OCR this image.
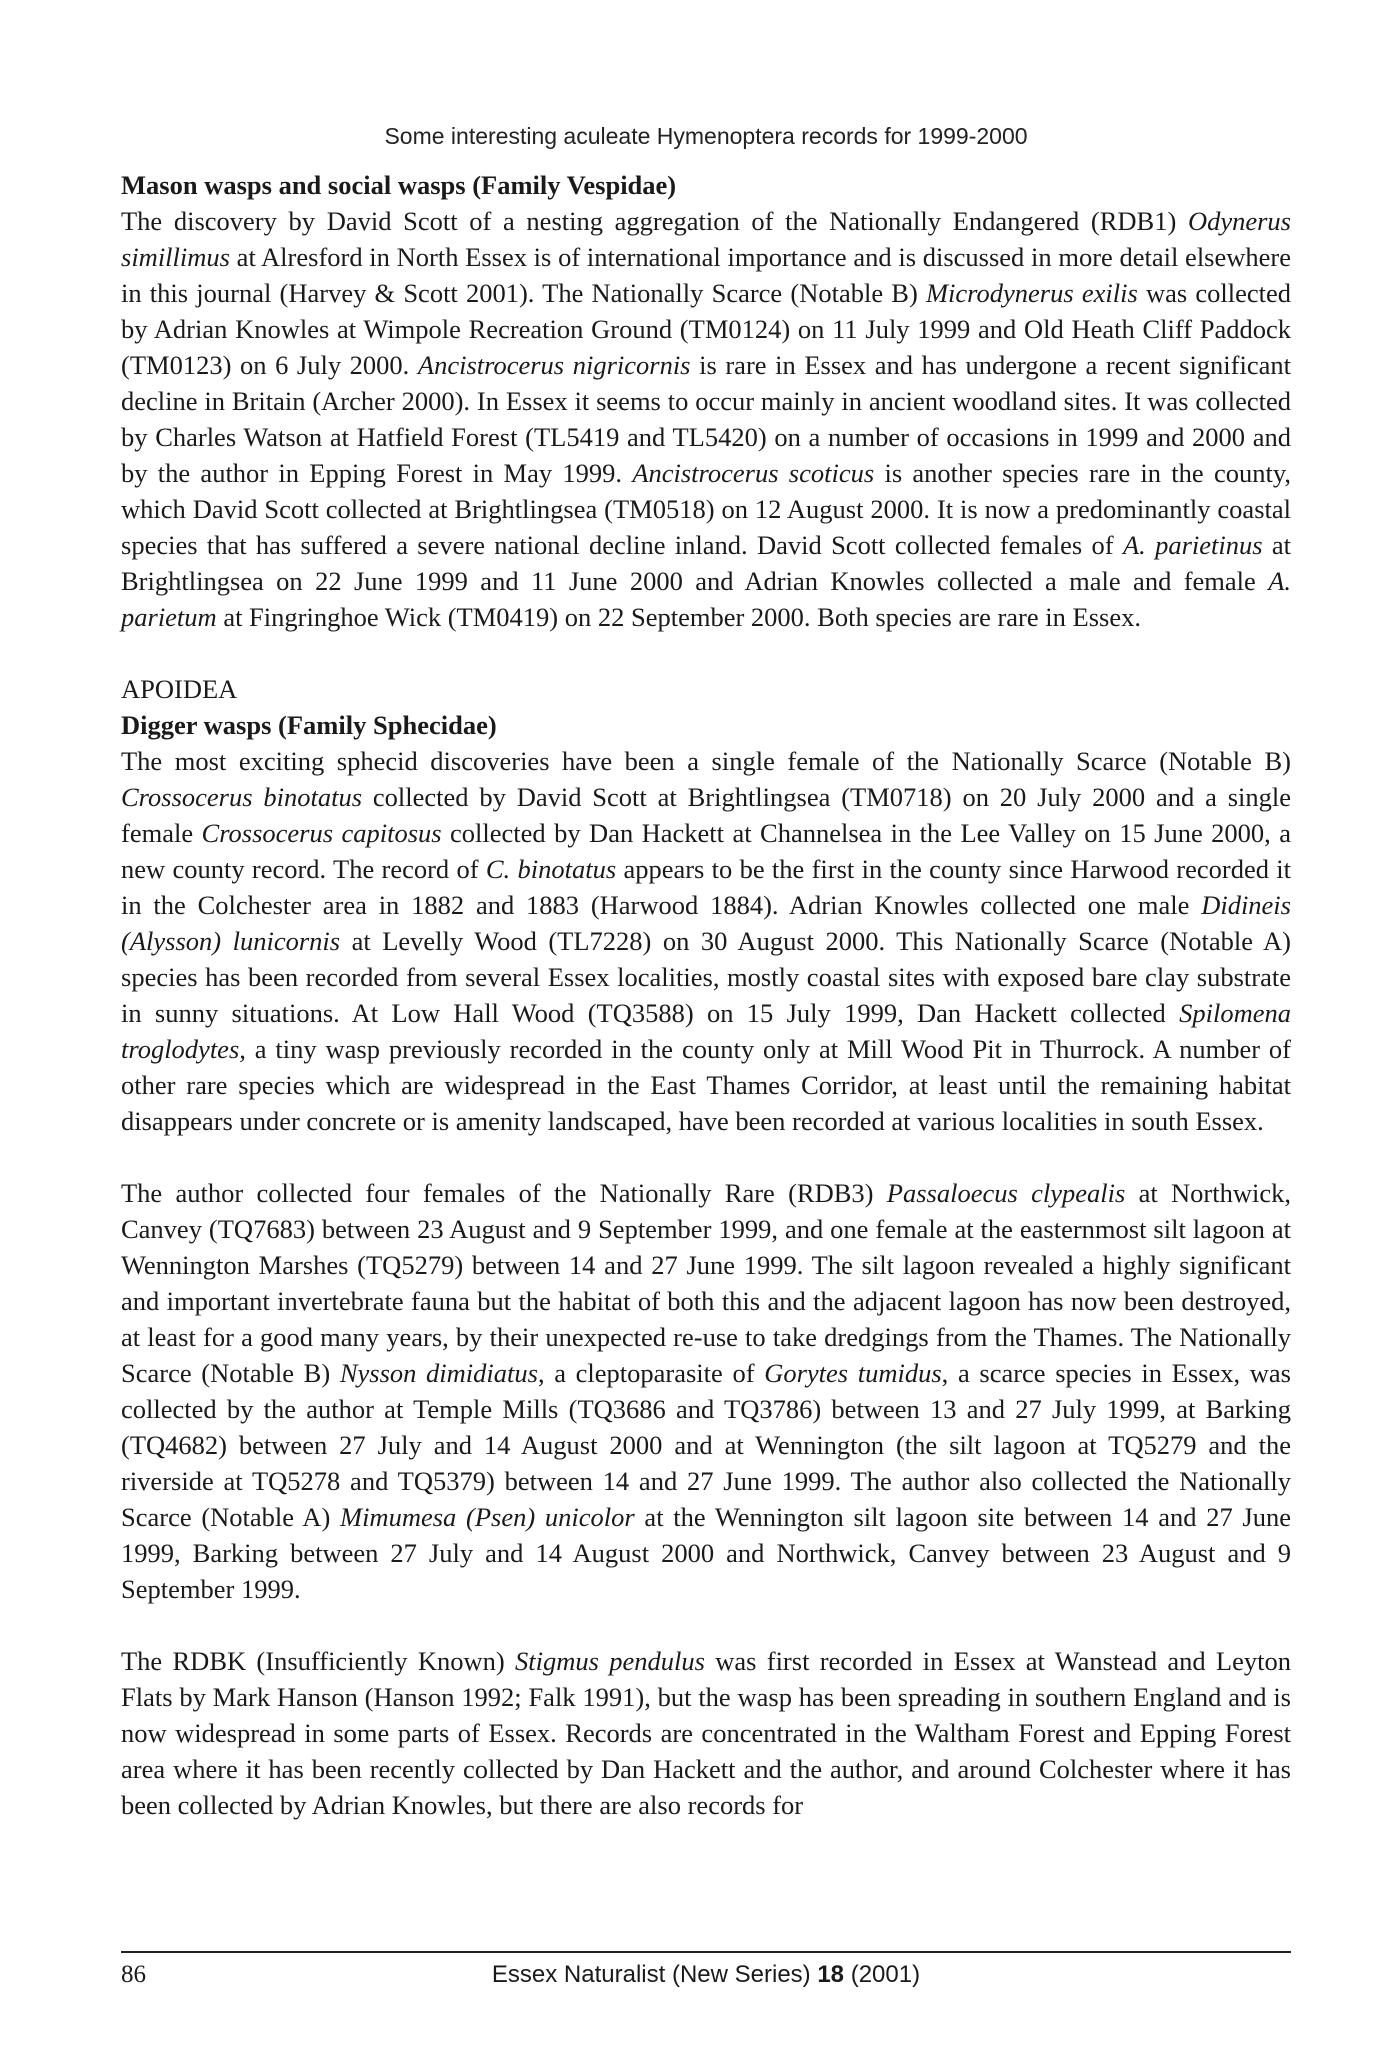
Some interesting aculeate Hymenoptera records for 1999-2000
Mason wasps and social wasps (Family Vespidae)

The discovery by David Scott of a nesting aggregation of the Nationally Endangered (RDB1) Odynerus simillimus at Alresford in North Essex is of international importance and is discussed in more detail elsewhere in this journal (Harvey & Scott 2001). The Nationally Scarce (Notable B) Microdynerus exilis was collected by Adrian Knowles at Wimpole Recreation Ground (TM0124) on 11 July 1999 and Old Heath Cliff Paddock (TM0123) on 6 July 2000. Ancistrocerus nigricornis is rare in Essex and has undergone a recent significant decline in Britain (Archer 2000). In Essex it seems to occur mainly in ancient woodland sites. It was collected by Charles Watson at Hatfield Forest (TL5419 and TL5420) on a number of occasions in 1999 and 2000 and by the author in Epping Forest in May 1999. Ancistrocerus scoticus is another species rare in the county, which David Scott collected at Brightlingsea (TM0518) on 12 August 2000. It is now a predominantly coastal species that has suffered a severe national decline inland. David Scott collected females of A. parietinus at Brightlingsea on 22 June 1999 and 11 June 2000 and Adrian Knowles collected a male and female A. parietum at Fingringhoe Wick (TM0419) on 22 September 2000. Both species are rare in Essex.

APOIDEA
Digger wasps (Family Sphecidae)

The most exciting sphecid discoveries have been a single female of the Nationally Scarce (Notable B) Crossocerus binotatus collected by David Scott at Brightlingsea (TM0718) on 20 July 2000 and a single female Crossocerus capitosus collected by Dan Hackett at Channelsea in the Lee Valley on 15 June 2000, a new county record. The record of C. binotatus appears to be the first in the county since Harwood recorded it in the Colchester area in 1882 and 1883 (Harwood 1884). Adrian Knowles collected one male Didineis (Alysson) lunicornis at Levelly Wood (TL7228) on 30 August 2000. This Nationally Scarce (Notable A) species has been recorded from several Essex localities, mostly coastal sites with exposed bare clay substrate in sunny situations. At Low Hall Wood (TQ3588) on 15 July 1999, Dan Hackett collected Spilomena troglodytes, a tiny wasp previously recorded in the county only at Mill Wood Pit in Thurrock. A number of other rare species which are widespread in the East Thames Corridor, at least until the remaining habitat disappears under concrete or is amenity landscaped, have been recorded at various localities in south Essex.

The author collected four females of the Nationally Rare (RDB3) Passaloecus clypealis at Northwick, Canvey (TQ7683) between 23 August and 9 September 1999, and one female at the easternmost silt lagoon at Wennington Marshes (TQ5279) between 14 and 27 June 1999. The silt lagoon revealed a highly significant and important invertebrate fauna but the habitat of both this and the adjacent lagoon has now been destroyed, at least for a good many years, by their unexpected re-use to take dredgings from the Thames. The Nationally Scarce (Notable B) Nysson dimidiatus, a cleptoparasite of Gorytes tumidus, a scarce species in Essex, was collected by the author at Temple Mills (TQ3686 and TQ3786) between 13 and 27 July 1999, at Barking (TQ4682) between 27 July and 14 August 2000 and at Wennington (the silt lagoon at TQ5279 and the riverside at TQ5278 and TQ5379) between 14 and 27 June 1999. The author also collected the Nationally Scarce (Notable A) Mimumesa (Psen) unicolor at the Wennington silt lagoon site between 14 and 27 June 1999, Barking between 27 July and 14 August 2000 and Northwick, Canvey between 23 August and 9 September 1999.

The RDBK (Insufficiently Known) Stigmus pendulus was first recorded in Essex at Wanstead and Leyton Flats by Mark Hanson (Hanson 1992; Falk 1991), but the wasp has been spreading in southern England and is now widespread in some parts of Essex. Records are concentrated in the Waltham Forest and Epping Forest area where it has been recently collected by Dan Hackett and the author, and around Colchester where it has been collected by Adrian Knowles, but there are also records for

86	Essex Naturalist (New Series) 18 (2001)
